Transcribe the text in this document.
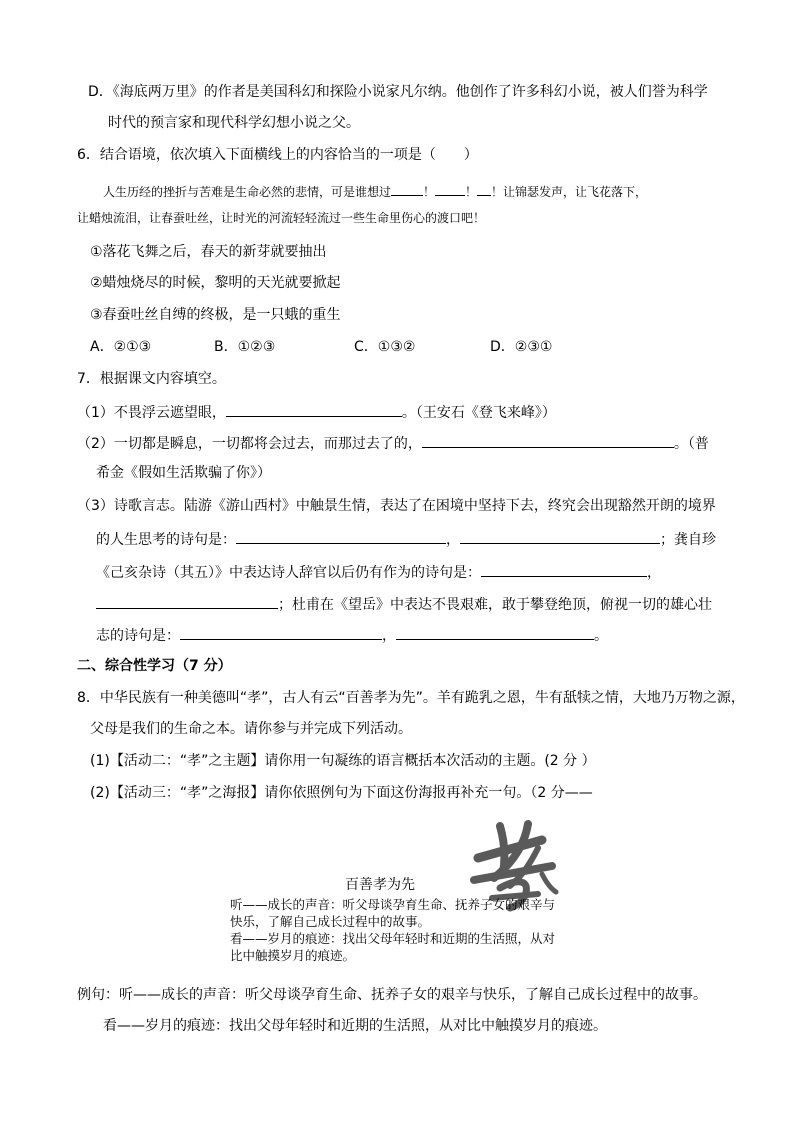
D．《海底两万里》的作者是美国科幻和探险小说家凡尔纳。他创作了许多科幻小说，被人们誉为科学
时代的预言家和现代科学幻想小说之父。
6．结合语境，依次填入下面横线上的内容恰当的一项是（　　）
人生历经的挫折与苦难是生命必然的悲情，可是谁想过	！	！ ！让锦瑟发声，让飞花落下，
让蜡烛流泪，让春蚕吐丝，让时光的河流轻轻流过一些生命里伤心的渡口吧！
①落花飞舞之后，春天的新芽就要抽出
②蜡烛烧尽的时候，黎明的天光就要掀起
③春蚕吐丝自缚的终极，是一只蛾的重生
A．②①③	B．①②③	C．①③②	D．②③①
7．根据课文内容填空。
（1）不畏浮云遮望眼，	。（王安石《登飞来峰》）
（2）一切都是瞬息，一切都将会过去，而那过去了的，	。（普
希金《假如生活欺骗了你》）
（3）诗歌言志。陆游《游山西村》中触景生情，表达了在困境中坚持下去，终究会出现豁然开朗的境界
的人生思考的诗句是：	，	；龚自珍
《己亥杂诗（其五）》中表达诗人辞官以后仍有作为的诗句是：	，
；杜甫在《望岳》中表达不畏艰难，敢于攀登绝顶，俯视一切的雄心壮
志的诗句是：	，	。
二、综合性学习（7 分）
8．中华民族有一种美德叫“孝”，古人有云“百善孝为先”。羊有跪乳之恩，牛有舐犊之情，大地乃万物之源，
父母是我们的生命之本。请你参与并完成下列活动。
(1)【活动二：“孝”之主题】请你用一句凝练的语言概括本次活动的主题。(2 分 ）
(2)【活动三：“孝”之海报】请你依照例句为下面这份海报再补充一句。（2 分——
百善孝为先
听——成长的声音：听父母谈孕育生命、抚养子女的艰辛与
快乐，了解自己成长过程中的故事。
看——岁月的痕迹：找出父母年轻时和近期的生活照，从对
比中触摸岁月的痕迹。
例句：听——成长的声音：听父母谈孕育生命、抚养子女的艰辛与快乐，了解自己成长过程中的故事。
看——岁月的痕迹：找出父母年轻时和近期的生活照，从对比中触摸岁月的痕迹。
